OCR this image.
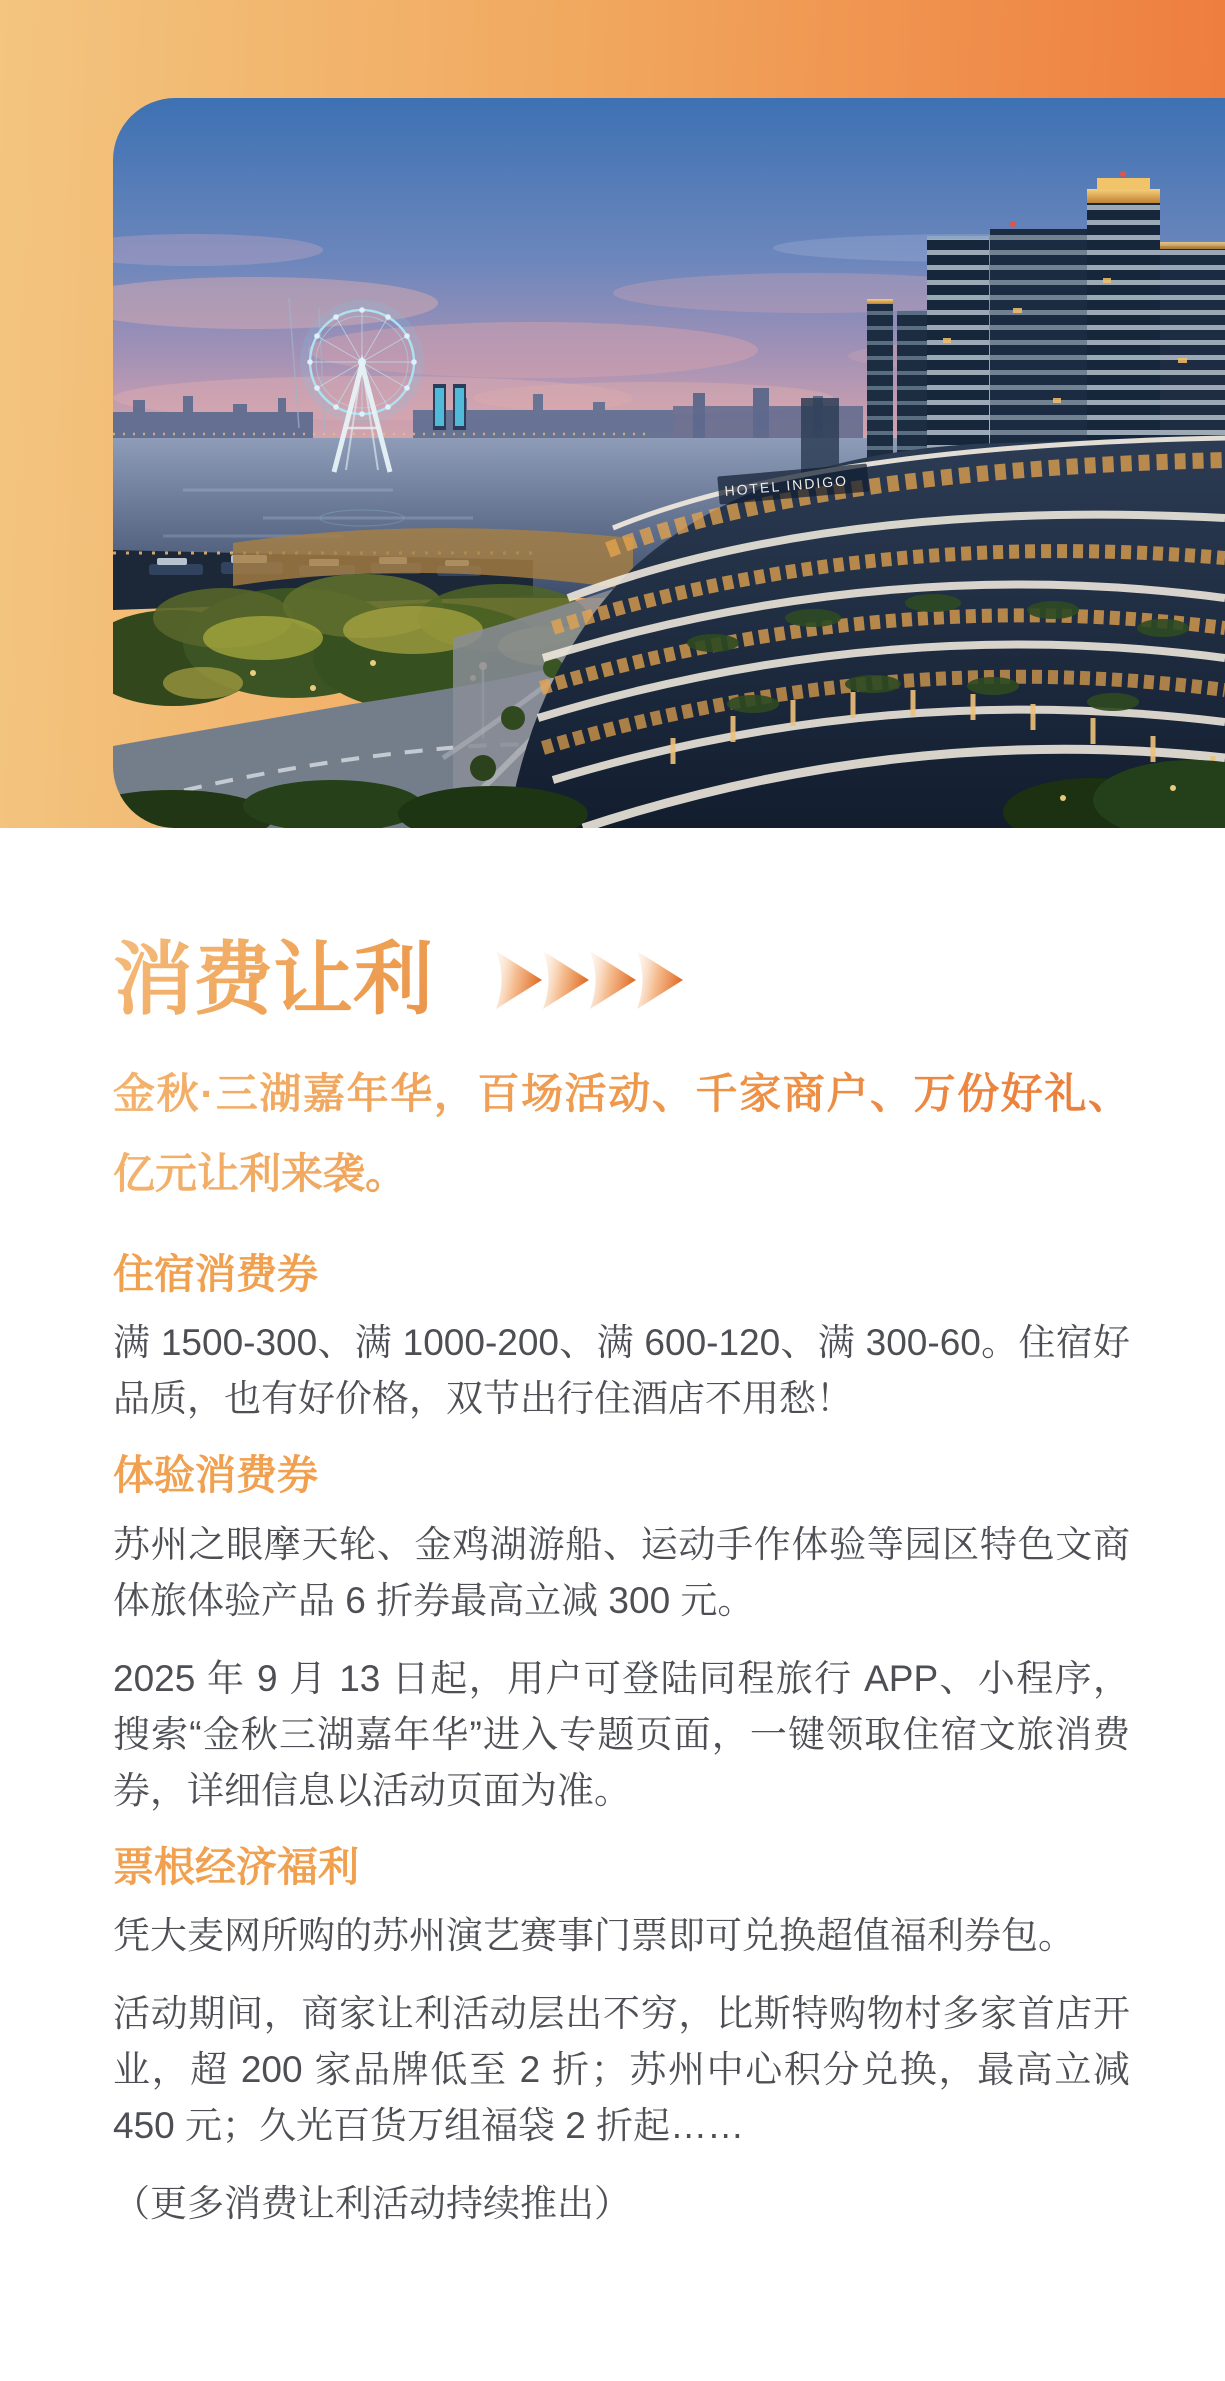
HOTEL INDIGO
消费让利

金秋·三湖嘉年华，百场活动、千家商户、万份好礼、亿元让利来袭。

住宿消费券

满 1500-300、满 1000-200、满 600-120、满 300-60。住宿好品质，也有好价格，双节出行住酒店不用愁！

体验消费券

苏州之眼摩天轮、金鸡湖游船、运动手作体验等园区特色文商体旅体验产品 6 折券最高立减 300 元。

2025 年 9 月 13 日起，用户可登陆同程旅行 APP、小程序，搜索“金秋三湖嘉年华”进入专题页面，一键领取住宿文旅消费券，详细信息以活动页面为准。

票根经济福利

凭大麦网所购的苏州演艺赛事门票即可兑换超值福利券包。

活动期间，商家让利活动层出不穷，比斯特购物村多家首店开业，超 200 家品牌低至 2 折；苏州中心积分兑换，最高立减 450 元；久光百货万组福袋 2 折起……

（更多消费让利活动持续推出）
